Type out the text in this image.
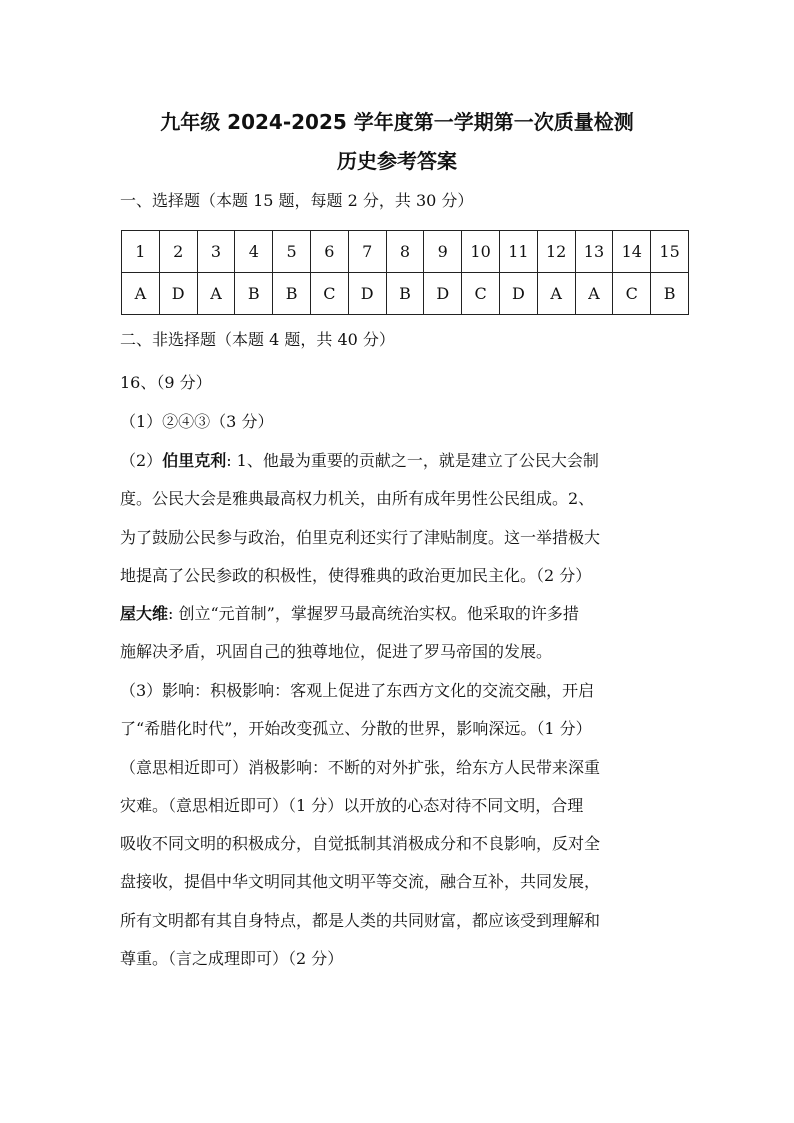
九年级 2024-2025 学年度第一学期第一次质量检测
历史参考答案
一、选择题（本题 15 题，每题 2 分，共 30 分）
1	2	3	4	5	6	7	8	9	10	11	12	13	14	15
A	D	A	B	B	C	D	B	D	C	D	A	A	C	B
二、非选择题（本题 4 题，共 40 分）
16、（9 分）
（1）②④③（3 分）
（2）伯里克利: 1、他最为重要的贡献之一，就是建立了公民大会制
度。公民大会是雅典最高权力机关，由所有成年男性公民组成。2、
为了鼓励公民参与政治，伯里克利还实行了津贴制度。这一举措极大
地提高了公民参政的积极性，使得雅典的政治更加民主化。（2 分）
屋大维: 创立“元首制”，掌握罗马最高统治实权。他采取的许多措
施解决矛盾，巩固自己的独尊地位，促进了罗马帝国的发展。
（3）影响：积极影响：客观上促进了东西方文化的交流交融，开启
了“希腊化时代”，开始改变孤立、分散的世界，影响深远。（1 分）
（意思相近即可）消极影响：不断的对外扩张，给东方人民带来深重
灾难。（意思相近即可）（1 分）以开放的心态对待不同文明，合理
吸收不同文明的积极成分，自觉抵制其消极成分和不良影响，反对全
盘接收，提倡中华文明同其他文明平等交流，融合互补，共同发展，
所有文明都有其自身特点，都是人类的共同财富，都应该受到理解和
尊重。（言之成理即可）（2 分）
